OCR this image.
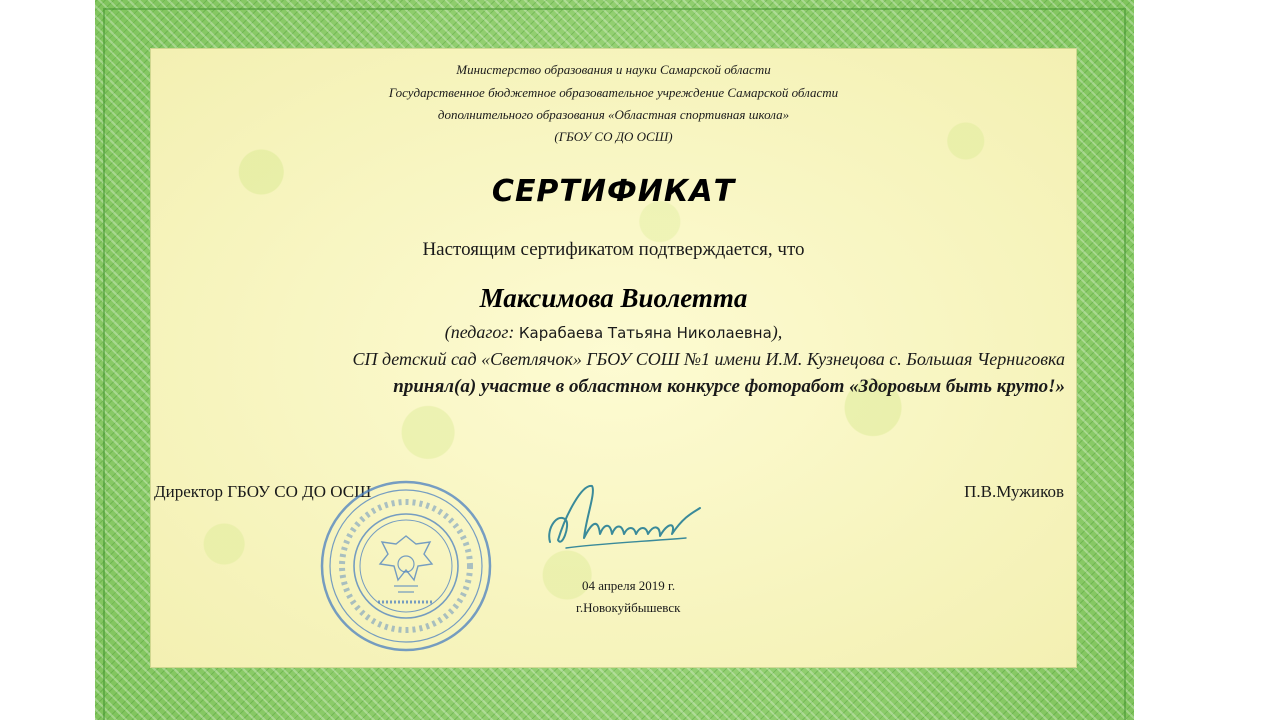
Министерство образования и науки Самарской области
Государственное бюджетное образовательное учреждение Самарской области
дополнительного образования «Областная спортивная школа»
(ГБОУ СО ДО ОСШ)
СЕРТИФИКАТ
Настоящим сертификатом подтверждается, что
Максимова Виолетта
(педагог: Карабаева Татьяна Николаевна),
СП детский сад «Светлячок» ГБОУ СОШ №1 имени И.М. Кузнецова с. Большая Черниговка
принял(а) участие в областном конкурсе фоторабот «Здоровым быть круто!»
Директор ГБОУ СО ДО ОСШ	П.В.Мужиков
04 апреля 2019 г.
г.Новокуйбышевск
